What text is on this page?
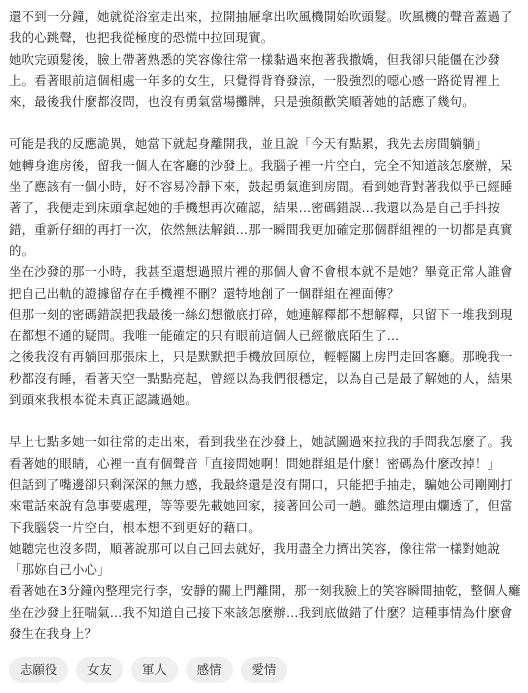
還不到一分鐘，她就從浴室走出來，拉開抽屜拿出吹風機開始吹頭髮。吹風機的聲音蓋過了我的心跳聲，也把我從極度的恐慌中拉回現實。

她吹完頭髮後，臉上帶著熟悉的笑容像往常一樣黏過來抱著我撒嬌，但我卻只能僵在沙發上。看著眼前這個相處一年多的女生，只覺得背脊發涼，一股強烈的噁心感一路從胃裡上來，最後我什麼都沒問，也沒有勇氣當場攤牌，只是強顏歡笑順著她的話應了幾句。

可能是我的反應詭異，她當下就起身離開我，並且說「今天有點累，我先去房間躺躺」

她轉身進房後，留我一個人在客廳的沙發上。我腦子裡一片空白，完全不知道該怎麼辦，呆坐了應該有一個小時，好不容易冷靜下來，鼓起勇氣進到房間。看到她背對著我似乎已經睡著了，我便走到床頭拿起她的手機想再次確認，結果…密碼錯誤…我還以為是自己手抖按錯，重新仔細的再打一次，依然無法解鎖…那一瞬間我更加確定那個群組裡的一切都是真實的。

坐在沙發的那一小時，我甚至還想過照片裡的那個人會不會根本就不是她？畢竟正常人誰會把自己出軌的證據留存在手機裡不刪？還特地創了一個群組在裡面傳？

但那一刻的密碼錯誤把我最後一絲幻想徹底打碎，她連解釋都不想解釋，只留下一堆我到現在都想不通的疑問。我唯一能確定的只有眼前這個人已經徹底陌生了…

之後我沒有再躺回那張床上，只是默默把手機放回原位，輕輕關上房門走回客廳。那晚我一秒都沒有睡，看著天空一點點亮起，曾經以為我們很穩定，以為自己是最了解她的人，結果到頭來我根本從未真正認識過她。

早上七點多她一如往常的走出來，看到我坐在沙發上，她試圖過來拉我的手問我怎麼了。我看著她的眼睛，心裡一直有個聲音「直接問她啊！問她群組是什麼！密碼為什麼改掉！」

但話到了嘴邊卻只剩深深的無力感，我最終還是沒有開口，只能把手抽走，騙她公司剛剛打來電話來說有急事要處理，等等要先載她回家，接著回公司一趟。雖然這理由爛透了，但當下我腦袋一片空白，根本想不到更好的藉口。

她聽完也沒多問，順著說那可以自己回去就好，我用盡全力擠出笑容，像往常一樣對她說「那妳自己小心」

看著她在3分鐘內整理完行李，安靜的關上門離開，那一刻我臉上的笑容瞬間抽乾，整個人癱坐在沙發上狂喘氣…我不知道自己接下來該怎麼辦…我到底做錯了什麼？這種事情為什麼會發生在我身上？

志願役	女友	軍人	感情	愛情
